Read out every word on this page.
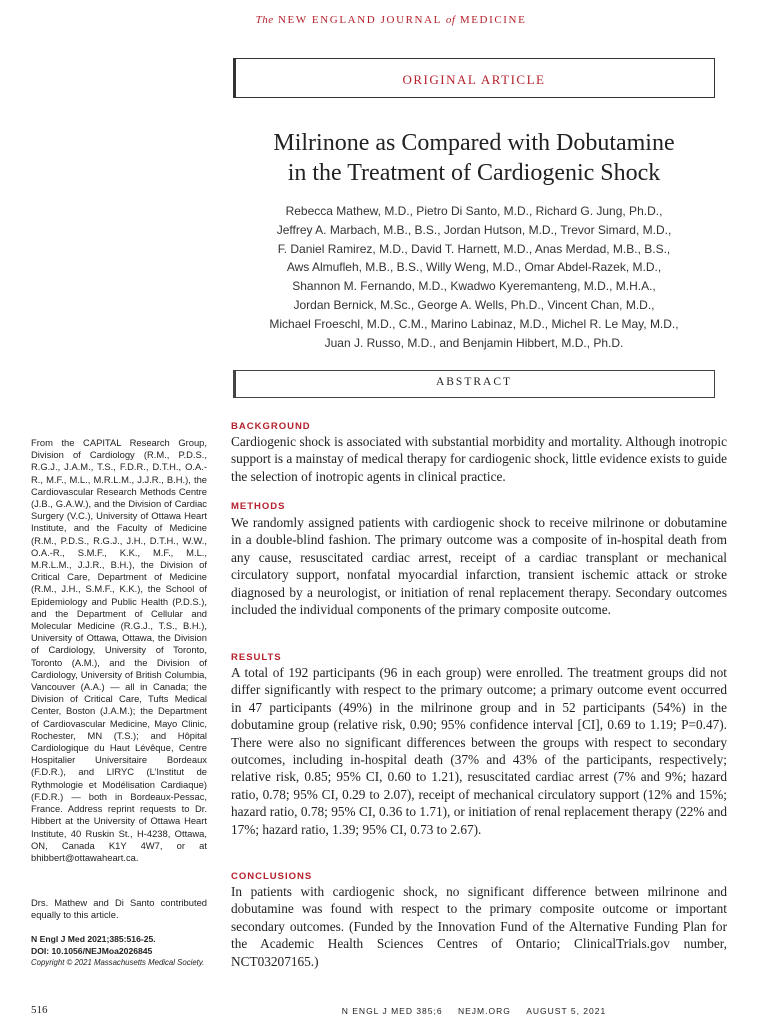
The NEW ENGLAND JOURNAL of MEDICINE
ORIGINAL ARTICLE
Milrinone as Compared with Dobutamine
in the Treatment of Cardiogenic Shock
Rebecca Mathew, M.D., Pietro Di Santo, M.D., Richard G. Jung, Ph.D.,
Jeffrey A. Marbach, M.B., B.S., Jordan Hutson, M.D., Trevor Simard, M.D.,
F. Daniel Ramirez, M.D., David T. Harnett, M.D., Anas Merdad, M.B., B.S.,
Aws Almufleh, M.B., B.S., Willy Weng, M.D., Omar Abdel-Razek, M.D.,
Shannon M. Fernando, M.D., Kwadwo Kyeremanteng, M.D., M.H.A.,
Jordan Bernick, M.Sc., George A. Wells, Ph.D., Vincent Chan, M.D.,
Michael Froeschl, M.D., C.M., Marino Labinaz, M.D., Michel R. Le May, M.D.,
Juan J. Russo, M.D., and Benjamin Hibbert, M.D., Ph.D.
ABSTRACT
BACKGROUND
Cardiogenic shock is associated with substantial morbidity and mortality. Although inotropic support is a mainstay of medical therapy for cardiogenic shock, little evidence exists to guide the selection of inotropic agents in clinical practice.
METHODS
We randomly assigned patients with cardiogenic shock to receive milrinone or dobutamine in a double-blind fashion. The primary outcome was a composite of in-hospital death from any cause, resuscitated cardiac arrest, receipt of a cardiac transplant or mechanical circulatory support, nonfatal myocardial infarction, transient ischemic attack or stroke diagnosed by a neurologist, or initiation of renal replacement therapy. Secondary outcomes included the individual components of the primary composite outcome.
RESULTS
A total of 192 participants (96 in each group) were enrolled. The treatment groups did not differ significantly with respect to the primary outcome; a primary outcome event occurred in 47 participants (49%) in the milrinone group and in 52 participants (54%) in the dobutamine group (relative risk, 0.90; 95% confidence interval [CI], 0.69 to 1.19; P=0.47). There were also no significant differences between the groups with respect to secondary outcomes, including in-hospital death (37% and 43% of the participants, respectively; relative risk, 0.85; 95% CI, 0.60 to 1.21), resuscitated cardiac arrest (7% and 9%; hazard ratio, 0.78; 95% CI, 0.29 to 2.07), receipt of mechanical circulatory support (12% and 15%; hazard ratio, 0.78; 95% CI, 0.36 to 1.71), or initiation of renal replacement therapy (22% and 17%; hazard ratio, 1.39; 95% CI, 0.73 to 2.67).
CONCLUSIONS
In patients with cardiogenic shock, no significant difference between milrinone and dobutamine was found with respect to the primary composite outcome or important secondary outcomes. (Funded by the Innovation Fund of the Alternative Funding Plan for the Academic Health Sciences Centres of Ontario; ClinicalTrials.gov number, NCT03207165.)
From the CAPITAL Research Group, Division of Cardiology (R.M., P.D.S., R.G.J., J.A.M., T.S., F.D.R., D.T.H., O.A.-R., M.F., M.L., M.R.L.M., J.J.R., B.H.), the Cardiovascular Research Methods Centre (J.B., G.A.W.), and the Division of Cardiac Surgery (V.C.), University of Ottawa Heart Institute, and the Faculty of Medicine (R.M., P.D.S., R.G.J., J.H., D.T.H., W.W., O.A.-R., S.M.F., K.K., M.F., M.L., M.R.L.M., J.J.R., B.H.), the Division of Critical Care, Department of Medicine (R.M., J.H., S.M.F., K.K.), the School of Epidemiology and Public Health (P.D.S.), and the Department of Cellular and Molecular Medicine (R.G.J., T.S., B.H.), University of Ottawa, Ottawa, the Division of Cardiology, University of Toronto, Toronto (A.M.), and the Division of Cardiology, University of British Columbia, Vancouver (A.A.) — all in Canada; the Division of Critical Care, Tufts Medical Center, Boston (J.A.M.); the Department of Cardiovascular Medicine, Mayo Clinic, Rochester, MN (T.S.); and Hôpital Cardiologique du Haut Lévêque, Centre Hospitalier Universitaire Bordeaux (F.D.R.), and LIRYC (L’Institut de Rythmologie et Modélisation Cardiaque) (F.D.R.) — both in Bordeaux-Pessac, France. Address reprint requests to Dr. Hibbert at the University of Ottawa Heart Institute, 40 Ruskin St., H-4238, Ottawa, ON, Canada K1Y 4W7, or at bhibbert@ottawaheart.ca.
Drs. Mathew and Di Santo contributed equally to this article.
N Engl J Med 2021;385:516-25.
DOI: 10.1056/NEJMoa2026845
Copyright © 2021 Massachusetts Medical Society.
516	N ENGL J MED 385;6 NEJM.ORG AUGUST 5, 2021
